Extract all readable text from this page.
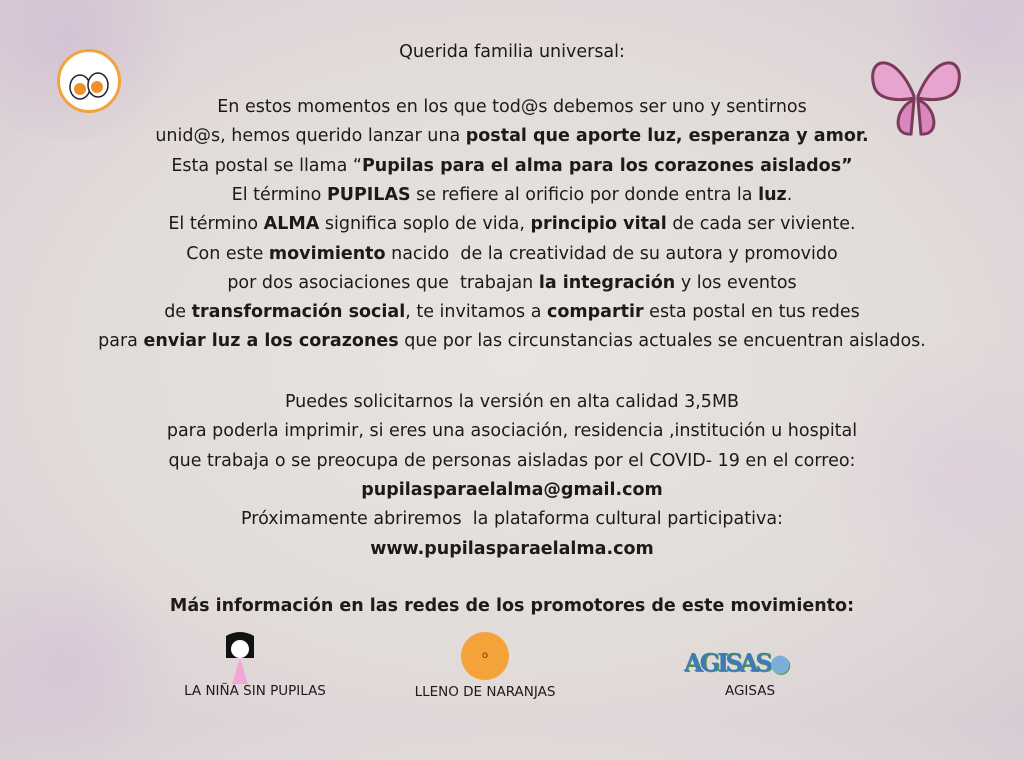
Querida familia universal:
En estos momentos en los que tod@s debemos ser uno y sentirnos
unid@s, hemos querido lanzar una postal que aporte luz, esperanza y amor.
Esta postal se llama “Pupilas para el alma para los corazones aislados”
El término PUPILAS se refiere al orificio por donde entra la luz.
El término ALMA significa soplo de vida, principio vital de cada ser viviente.
Con este movimiento nacido  de la creatividad de su autora y promovido
por dos asociaciones que  trabajan la integración y los eventos
de transformación social, te invitamos a compartir esta postal en tus redes
para enviar luz a los corazones que por las circunstancias actuales se encuentran aislados.
Puedes solicitarnos la versión en alta calidad 3,5MB
para poderla imprimir, si eres una asociación, residencia ,institución u hospital
que trabaja o se preocupa de personas aisladas por el COVID- 19 en el correo:
pupilasparaelalma@gmail.com
Próximamente abriremos  la plataforma cultural participativa:
www.pupilasparaelalma.com
Más información en las redes de los promotores de este movimiento:
o	AGISAS●
LA NIÑA SIN PUPILAS	LLENO DE NARANJAS	AGISAS
